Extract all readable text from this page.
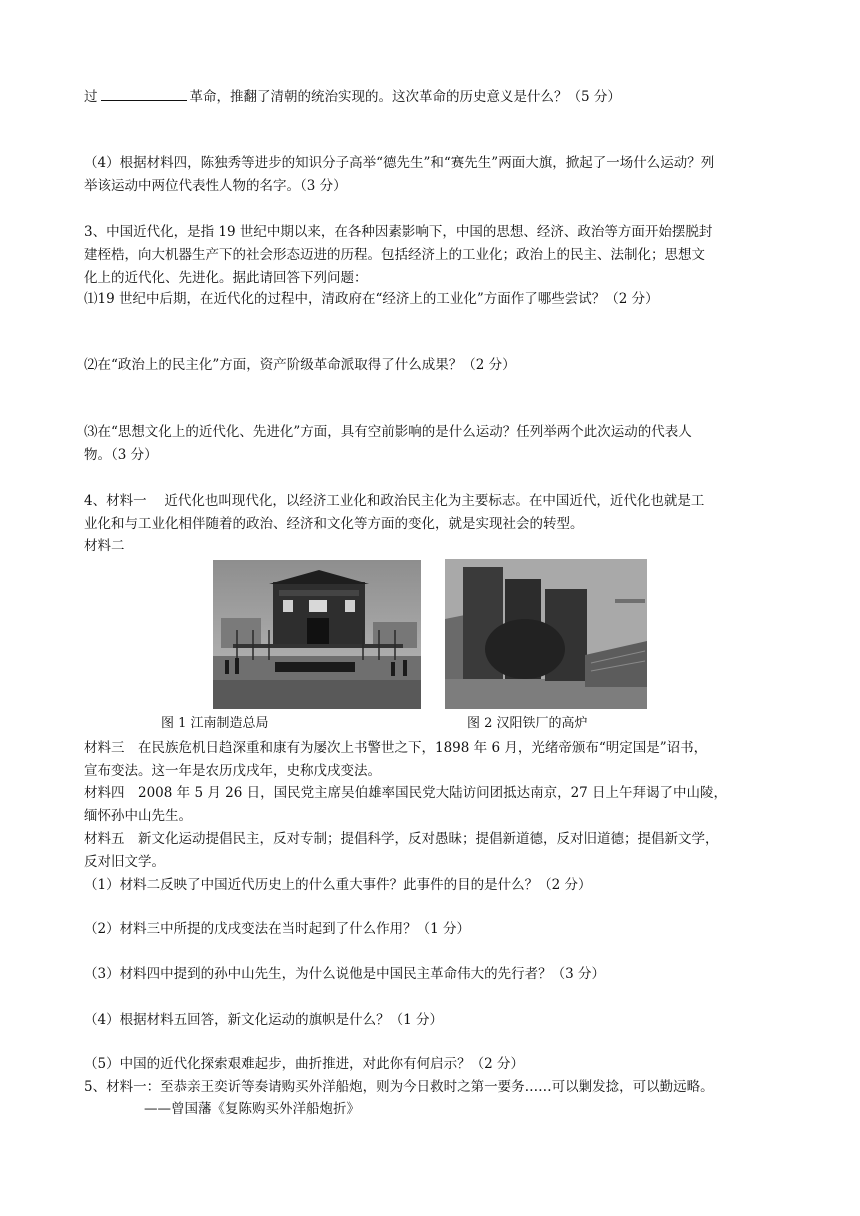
过	革命，推翻了清朝的统治实现的。这次革命的历史意义是什么？（5 分）
（4）根据材料四，陈独秀等进步的知识分子高举“德先生”和“赛先生”两面大旗，掀起了一场什么运动？列
举该运动中两位代表性人物的名字。（3 分）
3、中国近代化，是指 19 世纪中期以来，在各种因素影响下，中国的思想、经济、政治等方面开始摆脱封
建桎梏，向大机器生产下的社会形态迈进的历程。包括经济上的工业化；政治上的民主、法制化；思想文
化上的近代化、先进化。据此请回答下列问题：
⑴19 世纪中后期，在近代化的过程中，清政府在“经济上的工业化”方面作了哪些尝试？（2 分）
⑵在“政治上的民主化”方面，资产阶级革命派取得了什么成果？（2 分）
⑶在“思想文化上的近代化、先进化”方面，具有空前影响的是什么运动？任列举两个此次运动的代表人
物。（3 分）
4、材料一　 近代化也叫现代化，以经济工业化和政治民主化为主要标志。在中国近代，近代化也就是工
业化和与工业化相伴随着的政治、经济和文化等方面的变化，就是实现社会的转型。
材料二
图 1 江南制造总局	图 2 汉阳铁厂的高炉
材料三　在民族危机日趋深重和康有为屡次上书警世之下，1898 年 6 月，光绪帝颁布“明定国是”诏书，
宣布变法。这一年是农历戊戌年，史称戊戌变法。
材料四　2008 年 5 月 26 日，国民党主席吴伯雄率国民党大陆访问团抵达南京，27 日上午拜谒了中山陵，
缅怀孙中山先生。
材料五　新文化运动提倡民主，反对专制；提倡科学，反对愚昧；提倡新道德，反对旧道德；提倡新文学，
反对旧文学。
（1）材料二反映了中国近代历史上的什么重大事件？此事件的目的是什么？（2 分）
（2）材料三中所提的戊戌变法在当时起到了什么作用？（1 分）
（3）材料四中提到的孙中山先生，为什么说他是中国民主革命伟大的先行者？（3 分）
（4）根据材料五回答，新文化运动的旗帜是什么？（1 分）
（5）中国的近代化探索艰难起步，曲折推进，对此你有何启示？（2 分）
5、材料一：至恭亲王奕䜣等奏请购买外洋船炮，则为今日救时之第一要务……可以剿发捻，可以勤远略。
——曾国藩《复陈购买外洋船炮折》
